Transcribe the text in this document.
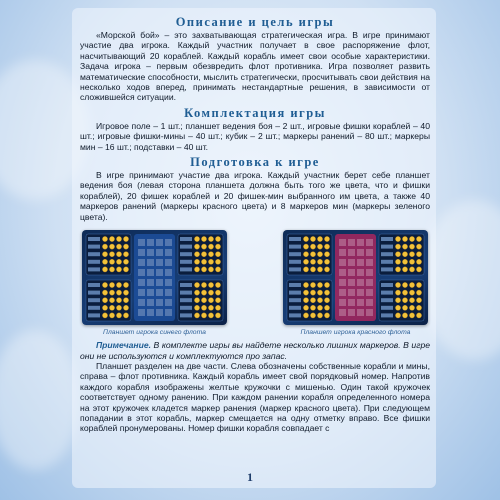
Описание и цель игры

«Морской бой» – это захватывающая стратегическая игра. В игре принимают участие два игрока. Каждый участник получает в свое распоряжение флот, насчитывающий 20 кораблей. Каждый корабль имеет свои особые характеристики. Задача игрока – первым обезвредить флот противника. Игра позволяет развить математические способности, мыслить стратегически, просчитывать свои действия на несколько ходов вперед, принимать нестандартные решения, в зависимости от сложившейся ситуации.

Комплектация игры

Игровое поле – 1 шт.; планшет ведения боя – 2 шт., игровые фишки кораблей – 40 шт.; игровые фишки-мины – 40 шт.; кубик – 2 шт.; маркеры ранений – 80 шт.; маркеры мин – 16 шт.; подставки – 40 шт.

Подготовка к игре

В игре принимают участие два игрока. Каждый участник берет себе планшет ведения боя (левая сторона планшета должна быть того же цвета, что и фишки кораблей), 20 фишек кораблей и 20 фишек-мин выбранного им цвета, а также 40 маркеров ранений (маркеры красного цвета) и 8 маркеров мин (маркеры зеленого цвета).

Планшет игрока синего флота	Планшет игрока красного флота

Примечание. В комплекте игры вы найдете несколько лишних маркеров. В игре они не используются и комплектуются про запас.

Планшет разделен на две части. Слева обозначены собственные корабли и мины, справа – флот противника. Каждый корабль имеет свой порядковый номер. Напротив каждого корабля изображены желтые кружочки с мишенью. Один такой кружочек соответствует одному ранению. При каждом ранении корабля определенного номера на этот кружочек кладется маркер ранения (маркер красного цвета). При следующем попадании в этот корабль, маркер смещается на одну отметку вправо. Все фишки кораблей пронумерованы. Номер фишки корабля совпадает с

1
